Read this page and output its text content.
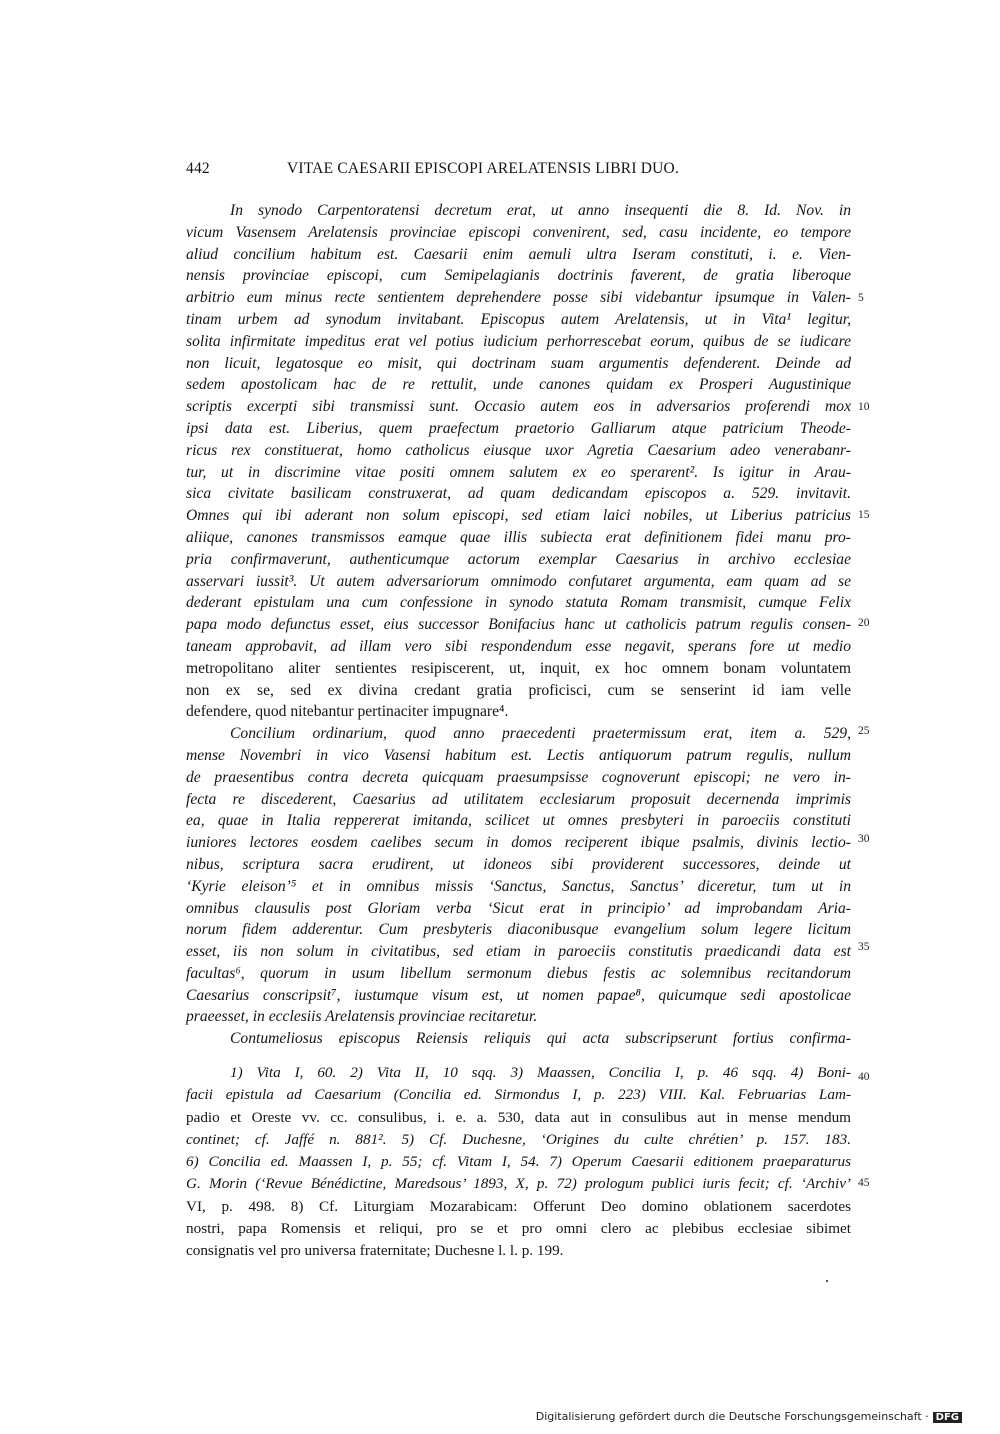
442	VITAE CAESARII EPISCOPI ARELATENSIS LIBRI DUO.
In synodo Carpentoratensi decretum erat, ut anno insequenti die 8. Id. Nov. in
vicum Vasensem Arelatensis provinciae episcopi convenirent, sed, casu incidente, eo tempore
aliud concilium habitum est. Caesarii enim aemuli ultra Iseram constituti, i. e. Vien-
nensis provinciae episcopi, cum Semipelagianis doctrinis faverent, de gratia liberoque
arbitrio eum minus recte sentientem deprehendere posse sibi videbantur ipsumque in Valen-
tinam urbem ad synodum invitabant. Episcopus autem Arelatensis, ut in Vita¹ legitur,
solita infirmitate impeditus erat vel potius iudicium perhorrescebat eorum, quibus de se iudicare
non licuit, legatosque eo misit, qui doctrinam suam argumentis defenderent. Deinde ad
sedem apostolicam hac de re rettulit, unde canones quidam ex Prosperi Augustinique
scriptis excerpti sibi transmissi sunt. Occasio autem eos in adversarios proferendi mox
ipsi data est. Liberius, quem praefectum praetorio Galliarum atque patricium Theode-
ricus rex constituerat, homo catholicus eiusque uxor Agretia Caesarium adeo venerabanr-
tur, ut in discrimine vitae positi omnem salutem ex eo sperarent². Is igitur in Arau-
sica civitate basilicam construxerat, ad quam dedicandam episcopos a. 529. invitavit.
Omnes qui ibi aderant non solum episcopi, sed etiam laici nobiles, ut Liberius patricius
aliique, canones transmissos eamque quae illis subiecta erat definitionem fidei manu pro-
pria confirmaverunt, authenticumque actorum exemplar Caesarius in archivo ecclesiae
asservari iussit³. Ut autem adversariorum omnimodo confutaret argumenta, eam quam ad se
dederant epistulam una cum confessione in synodo statuta Romam transmisit, cumque Felix
papa modo defunctus esset, eius successor Bonifacius hanc ut catholicis patrum regulis consen-
taneam approbavit, ad illam vero sibi respondendum esse negavit, sperans fore ut medio
metropolitano aliter sentientes resipiscerent, ut, inquit, ex hoc omnem bonam voluntatem
non ex se, sed ex divina credant gratia proficisci, cum se senserint id iam velle
defendere, quod nitebantur pertinaciter impugnare⁴.
Concilium ordinarium, quod anno praecedenti praetermissum erat, item a. 529,
mense Novembri in vico Vasensi habitum est. Lectis antiquorum patrum regulis, nullum
de praesentibus contra decreta quicquam praesumpsisse cognoverunt episcopi; ne vero in-
fecta re discederent, Caesarius ad utilitatem ecclesiarum proposuit decernenda imprimis
ea, quae in Italia reppererat imitanda, scilicet ut omnes presbyteri in paroeciis constituti
iuniores lectores eosdem caelibes secum in domos reciperent ibique psalmis, divinis lectio-
nibus, scriptura sacra erudirent, ut idoneos sibi providerent successores, deinde ut
‘Kyrie eleison’⁵ et in omnibus missis ‘Sanctus, Sanctus, Sanctus’ diceretur, tum ut in
omnibus clausulis post Gloriam verba ‘Sicut erat in principio’ ad improbandam Aria-
norum fidem adderentur. Cum presbyteris diaconibusque evangelium solum legere licitum
esset, iis non solum in civitatibus, sed etiam in paroeciis constitutis praedicandi data est
facultas⁶, quorum in usum libellum sermonum diebus festis ac solemnibus recitandorum
Caesarius conscripsit⁷, iustumque visum est, ut nomen papae⁸, quicumque sedi apostolicae
praeesset, in ecclesiis Arelatensis provinciae recitaretur.
Contumeliosus episcopus Reiensis reliquis qui acta subscripserunt fortius confirma-
1) Vita I, 60. 2) Vita II, 10 sqq. 3) Maassen, Concilia I, p. 46 sqq. 4) Boni-
facii epistula ad Caesarium (Concilia ed. Sirmondus I, p. 223) VIII. Kal. Februarias Lam-
padio et Oreste vv. cc. consulibus, i. e. a. 530, data aut in consulibus aut in mense mendum
continet; cf. Jaffé n. 881². 5) Cf. Duchesne, ‘Origines du culte chrétien’ p. 157. 183.
6) Concilia ed. Maassen I, p. 55; cf. Vitam I, 54. 7) Operum Caesarii editionem praeparaturus
G. Morin (‘Revue Bénédictine, Maredsous’ 1893, X, p. 72) prologum publici iuris fecit; cf. ‘Archiv’
VI, p. 498. 8) Cf. Liturgiam Mozarabicam: Offerunt Deo domino oblationem sacerdotes
nostri, papa Romensis et reliqui, pro se et pro omni clero ac plebibus ecclesiae sibimet
consignatis vel pro universa fraternitate; Duchesne l. l. p. 199.
5
10
15
20
25
30
35
40
45
Digitalisierung gefördert durch die Deutsche Forschungsgemeinschaft · DFG
